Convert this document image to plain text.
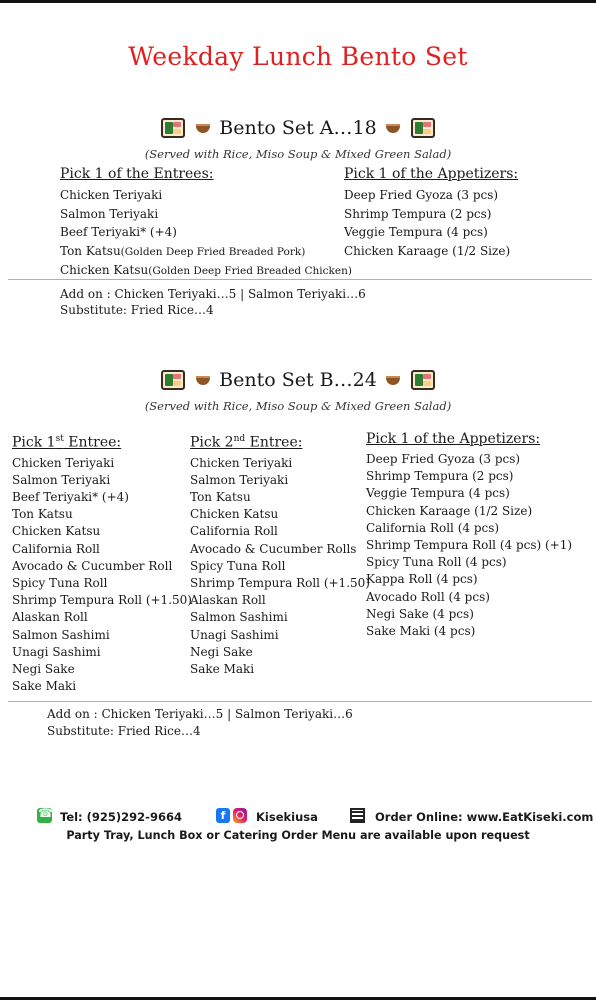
Weekday Lunch Bento Set
Bento Set A…18
(Served with Rice, Miso Soup & Mixed Green Salad)
Pick 1 of the Entrees:
Chicken Teriyaki
Salmon Teriyaki
Beef Teriyaki* (+4)
Ton Katsu(Golden Deep Fried Breaded Pork)
Chicken Katsu(Golden Deep Fried Breaded Chicken)
Pick 1 of the Appetizers:
Deep Fried Gyoza (3 pcs)
Shrimp Tempura (2 pcs)
Veggie Tempura (4 pcs)
Chicken Karaage (1/2 Size)
Add on : Chicken Teriyaki…5 | Salmon Teriyaki…6
Substitute: Fried Rice…4
Bento Set B…24
(Served with Rice, Miso Soup & Mixed Green Salad)
Pick 1st Entree:
Chicken Teriyaki
Salmon Teriyaki
Beef Teriyaki* (+4)
Ton Katsu
Chicken Katsu
California Roll
Avocado & Cucumber Roll
Spicy Tuna Roll
Shrimp Tempura Roll (+1.50)
Alaskan Roll
Salmon Sashimi
Unagi Sashimi
Negi Sake
Sake Maki
Pick 2nd Entree:
Chicken Teriyaki
Salmon Teriyaki
Ton Katsu
Chicken Katsu
California Roll
Avocado & Cucumber Rolls
Spicy Tuna Roll
Shrimp Tempura Roll (+1.50)
Alaskan Roll
Salmon Sashimi
Unagi Sashimi
Negi Sake
Sake Maki
Pick 1 of the Appetizers:
Deep Fried Gyoza (3 pcs)
Shrimp Tempura (2 pcs)
Veggie Tempura (4 pcs)
Chicken Karaage (1/2 Size)
California Roll (4 pcs)
Shrimp Tempura Roll (4 pcs) (+1)
Spicy Tuna Roll (4 pcs)
Kappa Roll (4 pcs)
Avocado Roll (4 pcs)
Negi Sake (4 pcs)
Sake Maki (4 pcs)
Add on : Chicken Teriyaki…5 | Salmon Teriyaki…6
Substitute: Fried Rice…4
☎
Tel: (925)292-9664	f	Kisekiusa	Order Online: www.EatKiseki.com
Party Tray, Lunch Box or Catering Order Menu are available upon request
